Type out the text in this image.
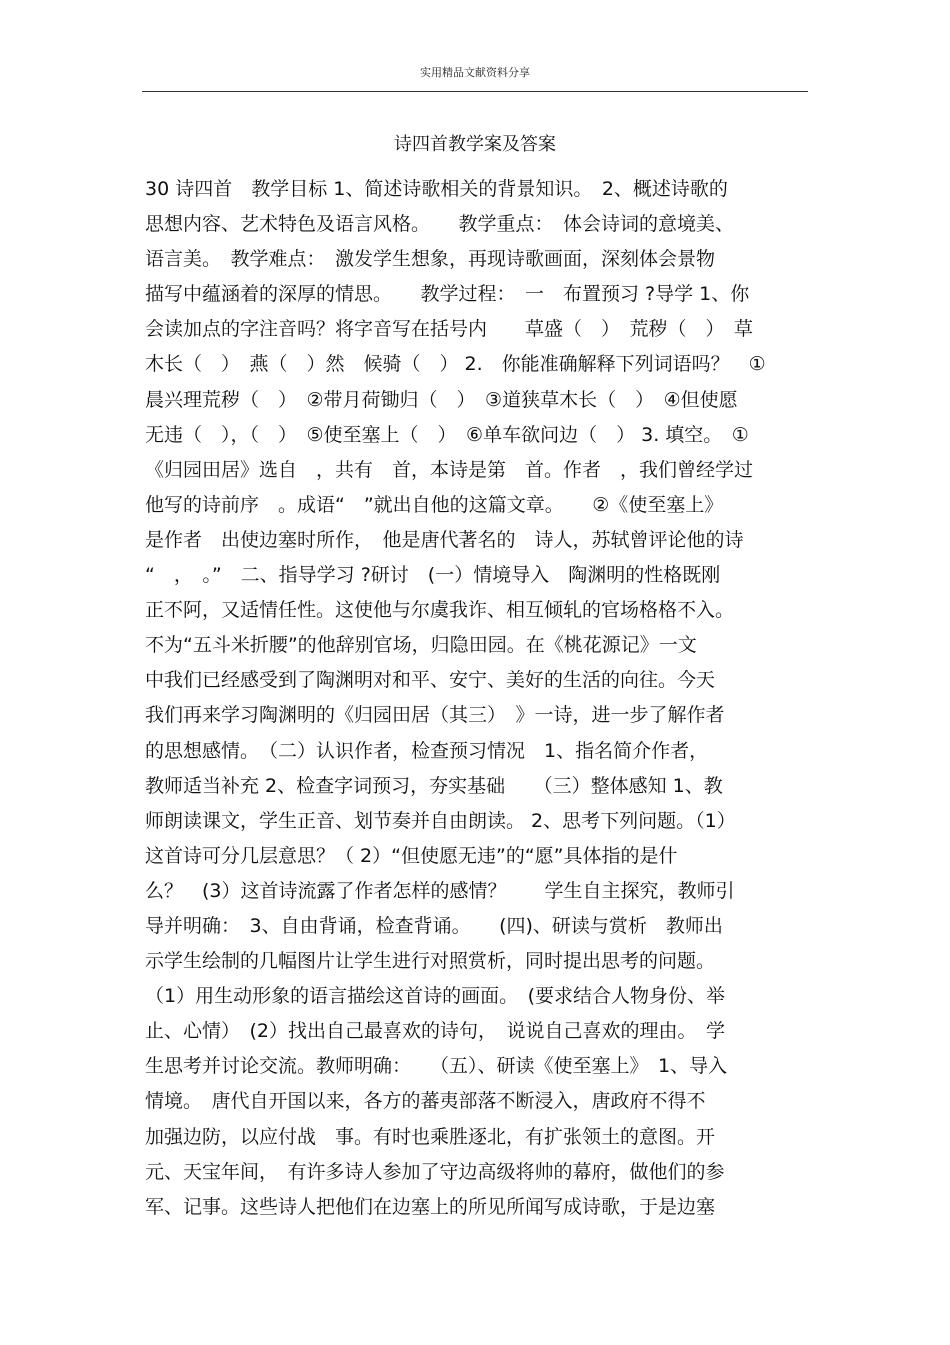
实用精品文献资料分享
诗四首教学案及答案
30 诗四首　教学目标 1、简述诗歌相关的背景知识。　2、概述诗歌的
思想内容、艺术特色及语言风格。　　教学重点：　体会诗词的意境美、
语言美。　教学难点：　激发学生想象，再现诗歌画面，深刻体会景物
描写中蕴涵着的深厚的情思。　　教学过程：　一　布置预习 ?导学 1、你
会读加点的字注音吗？将字音写在括号内　　草盛（　）　荒秽（　）　草
木长（　）　燕（　）然　候骑（　） 2.　你能准确解释下列词语吗？　①
晨兴理荒秽（　）　②带月荷锄归（　）　③道狭草木长（　）　④但使愿
无违（　），（　）　⑤使至塞上（　）　⑥单车欲问边（　） 3. 填空。　①
《归园田居》选自　，共有　首，本诗是第　首。作者　，我们曾经学过
他写的诗前序　。成语“　”就出自他的这篇文章。　　②《使至塞上》
是作者　出使边塞时所作，　他是唐代著名的　诗人，苏轼曾评论他的诗
“　，　。”　二、指导学习 ?研讨　(一）情境导入　陶渊明的性格既刚
正不阿，又适情任性。这使他与尔虞我诈、相互倾轧的官场格格不入。
不为“五斗米折腰”的他辞别官场，归隐田园。在《桃花源记》一文
中我们已经感受到了陶渊明对和平、安宁、美好的生活的向往。今天
我们再来学习陶渊明的《归园田居（其三）　》一诗，进一步了解作者
的思想感情。　（二）认识作者，检查预习情况　1、指名简介作者，
教师适当补充 2、检查字词预习，夯实基础　　（三）整体感知 1、教
师朗读课文，学生正音、划节奏并自由朗读。 2、思考下列问题。（1）
这首诗可分几层意思？（ 2）“但使愿无违”的“愿”具体指的是什
么？　(3）这首诗流露了作者怎样的感情？　　学生自主探究，教师引
导并明确：　3、自由背诵，检查背诵。　　(四)、研读与赏析　教师出
示学生绘制的几幅图片让学生进行对照赏析，同时提出思考的问题。
（1）用生动形象的语言描绘这首诗的画面。　(要求结合人物身份、举
止、心情）　(2）找出自己最喜欢的诗句，　说说自己喜欢的理由。　学
生思考并讨论交流。教师明确：　　（五）、研读《使至塞上》　1、导入
情境。　唐代自开国以来，各方的蕃夷部落不断浸入，唐政府不得不
加强边防，以应付战　事。有时也乘胜逐北，有扩张领土的意图。开
元、天宝年间，　有许多诗人参加了守边高级将帅的幕府，做他们的参
军、记事。这些诗人把他们在边塞上的所见所闻写成诗歌，于是边塞
